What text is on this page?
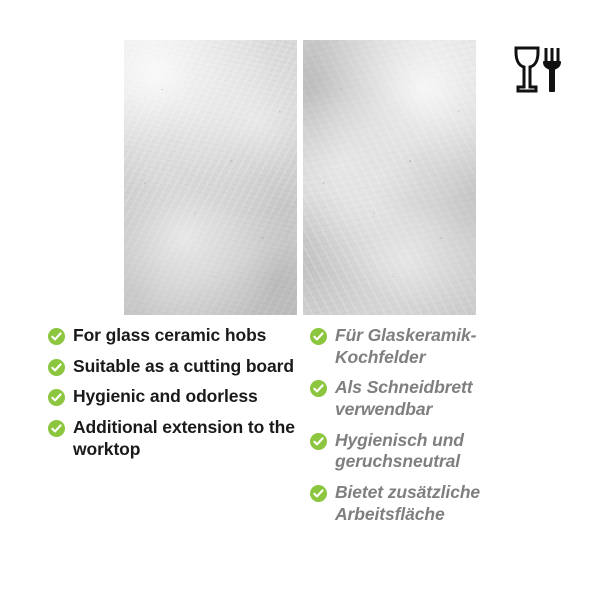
For glass ceramic hobs
Suitable as a cutting board
Hygienic and odorless
Additional extension to the worktop
Für Glaskeramik-Kochfelder
Als Schneidbrett verwendbar
Hygienisch und geruchsneutral
Bietet zusätzliche Arbeitsfläche
